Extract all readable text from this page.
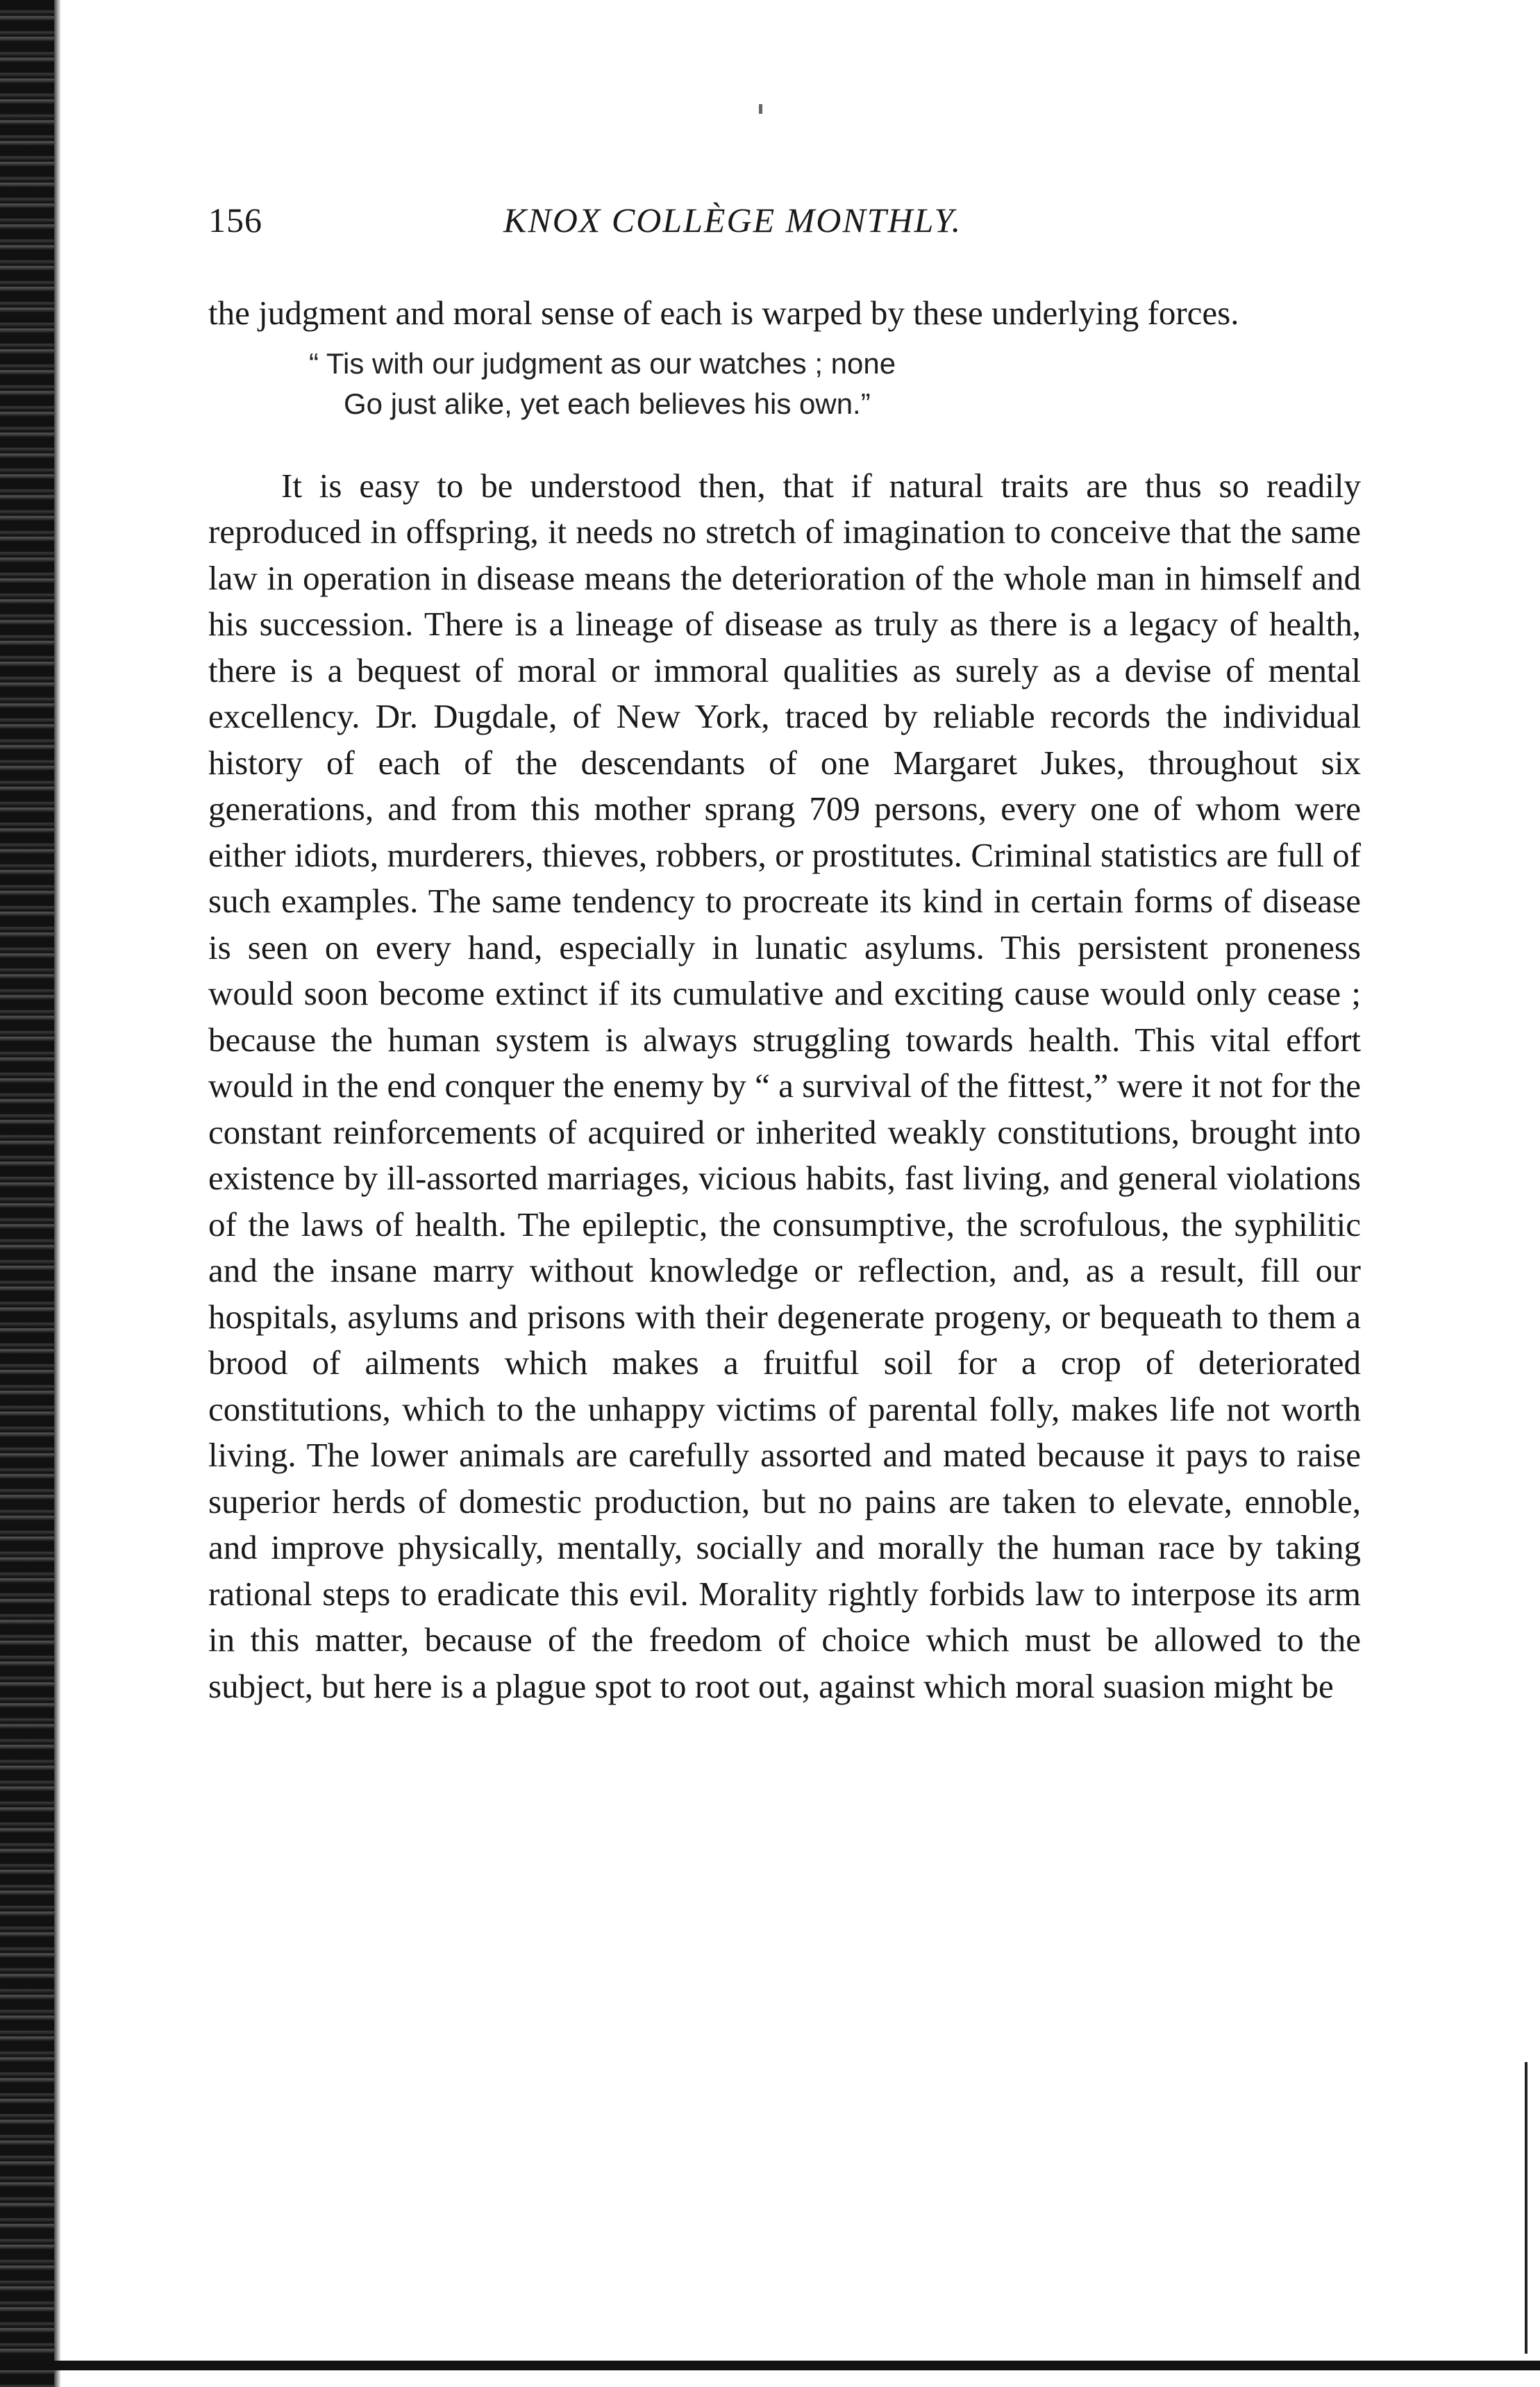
156	KNOX COLLÈGE MONTHLY.

the judgment and moral sense of each is warped by these underlying forces.

“ Tis with our judgment as our watches ; none
Go just alike, yet each believes his own.”

It is easy to be understood then, that if natural traits are thus so readily reproduced in offspring, it needs no stretch of imagination to conceive that the same law in operation in disease means the deterioration of the whole man in himself and his succession. There is a lineage of disease as truly as there is a legacy of health, there is a bequest of moral or immoral qualities as surely as a devise of mental excellency. Dr. Dugdale, of New York, traced by reliable records the individual history of each of the descendants of one Margaret Jukes, throughout six generations, and from this mother sprang 709 persons, every one of whom were either idiots, murderers, thieves, robbers, or prostitutes. Criminal statistics are full of such examples. The same tendency to procreate its kind in certain forms of disease is seen on every hand, especially in lunatic asylums. This persistent proneness would soon become extinct if its cumulative and exciting cause would only cease ; because the human system is always struggling towards health. This vital effort would in the end conquer the enemy by “ a survival of the fittest,” were it not for the constant reinforcements of acquired or inherited weakly constitutions, brought into existence by ill-assorted marriages, vicious habits, fast living, and general violations of the laws of health. The epileptic, the consumptive, the scrofulous, the syphilitic and the insane marry without knowledge or reflection, and, as a result, fill our hospitals, asylums and prisons with their degenerate progeny, or bequeath to them a brood of ailments which makes a fruitful soil for a crop of deteriorated constitutions, which to the unhappy victims of parental folly, makes life not worth living. The lower animals are carefully assorted and mated because it pays to raise superior herds of domestic production, but no pains are taken to elevate, ennoble, and improve physically, mentally, socially and morally the human race by taking rational steps to eradicate this evil. Morality rightly forbids law to interpose its arm in this matter, because of the freedom of choice which must be allowed to the subject, but here is a plague spot to root out, against which moral suasion might be
